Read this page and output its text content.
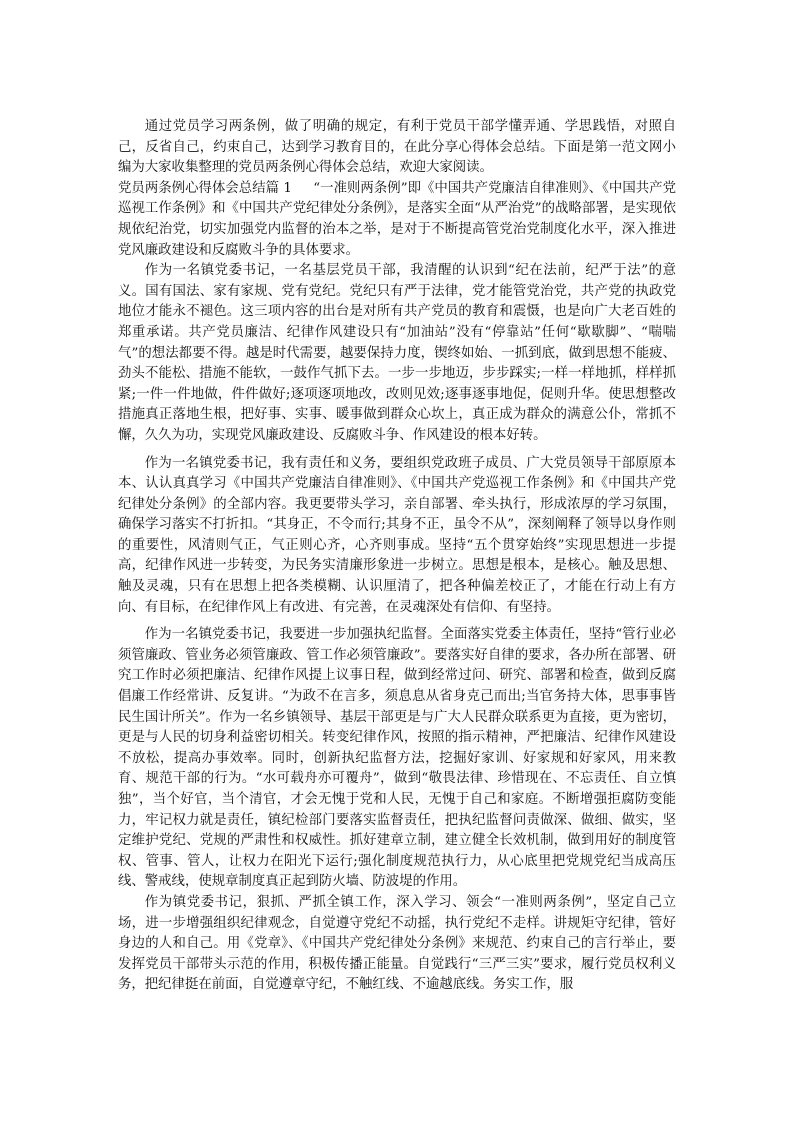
通过党员学习两条例，做了明确的规定，有利于党员干部学懂弄通、学思践悟，对照自己，反省自己，约束自己，达到学习教育目的，在此分享心得体会总结。下面是第一范文网小编为大家收集整理的党员两条例心得体会总结，欢迎大家阅读。

党员两条例心得体会总结篇 1 “一准则两条例”即《中国共产党廉洁自律准则》、《中国共产党巡视工作条例》和《中国共产党纪律处分条例》，是落实全面“从严治党”的战略部署，是实现依规依纪治党，切实加强党内监督的治本之举，是对于不断提高管党治党制度化水平，深入推进党风廉政建设和反腐败斗争的具体要求。

作为一名镇党委书记，一名基层党员干部，我清醒的认识到“纪在法前，纪严于法”的意义。国有国法、家有家规、党有党纪。党纪只有严于法律，党才能管党治党，共产党的执政党地位才能永不褪色。这三项内容的出台是对所有共产党员的教育和震慑，也是向广大老百姓的郑重承诺。共产党员廉洁、纪律作风建设只有“加油站”没有“停靠站”任何“歇歇脚”、“喘喘气”的想法都要不得。越是时代需要，越要保持力度，锲终如始、一抓到底，做到思想不能疲、劲头不能松、措施不能软，一鼓作气抓下去。一步一步地迈，步步踩实;一样一样地抓，样样抓紧;一件一件地做，件件做好;逐项逐项地改，改则见效;逐事逐事地促，促则升华。使思想整改措施真正落地生根，把好事、实事、暖事做到群众心坎上，真正成为群众的满意公仆，常抓不懈，久久为功，实现党风廉政建设、反腐败斗争、作风建设的根本好转。

作为一名镇党委书记，我有责任和义务，要组织党政班子成员、广大党员领导干部原原本本、认认真真学习《中国共产党廉洁自律准则》、《中国共产党巡视工作条例》和《中国共产党纪律处分条例》的全部内容。我更要带头学习，亲自部署、牵头执行，形成浓厚的学习氛围，确保学习落实不打折扣。“其身正，不令而行;其身不正，虽令不从”，深刻阐释了领导以身作则的重要性，风清则气正，气正则心齐，心齐则事成。坚持“五个贯穿始终”实现思想进一步提高，纪律作风进一步转变，为民务实清廉形象进一步树立。思想是根本，是核心。触及思想、触及灵魂，只有在思想上把各类模糊、认识厘清了，把各种偏差校正了，才能在行动上有方向、有目标，在纪律作风上有改进、有完善，在灵魂深处有信仰、有坚持。

作为一名镇党委书记，我要进一步加强执纪监督。全面落实党委主体责任，坚持“管行业必须管廉政、管业务必须管廉政、管工作必须管廉政”。要落实好自律的要求，各办所在部署、研究工作时必须把廉洁、纪律作风提上议事日程，做到经常过问、研究、部署和检查，做到反腐倡廉工作经常讲、反复讲。“为政不在言多，须息息从省身克己而出;当官务持大体，思事事皆民生国计所关”。作为一名乡镇领导、基层干部更是与广大人民群众联系更为直接，更为密切，更是与人民的切身利益密切相关。转变纪律作风，按照的指示精神，严把廉洁、纪律作风建设不放松，提高办事效率。同时，创新执纪监督方法，挖掘好家训、好家规和好家风，用来教育、规范干部的行为。“水可载舟亦可覆舟”，做到“敬畏法律、珍惜现在、不忘责任、自立慎独”，当个好官，当个清官，才会无愧于党和人民，无愧于自己和家庭。不断增强拒腐防变能力，牢记权力就是责任，镇纪检部门要落实监督责任，把执纪监督问责做深、做细、做实，坚定维护党纪、党规的严肃性和权威性。抓好建章立制，建立健全长效机制，做到用好的制度管权、管事、管人，让权力在阳光下运行;强化制度规范执行力，从心底里把党规党纪当成高压线、警戒线，使规章制度真正起到防火墙、防波堤的作用。

作为镇党委书记，狠抓、严抓全镇工作，深入学习、领会“一准则两条例”，坚定自己立场，进一步增强组织纪律观念，自觉遵守党纪不动摇，执行党纪不走样。讲规矩守纪律，管好身边的人和自己。用《党章》、《中国共产党纪律处分条例》来规范、约束自己的言行举止，要发挥党员干部带头示范的作用，积极传播正能量。自觉践行“三严三实”要求，履行党员权利义务，把纪律挺在前面，自觉遵章守纪，不触红线、不逾越底线。务实工作，服
